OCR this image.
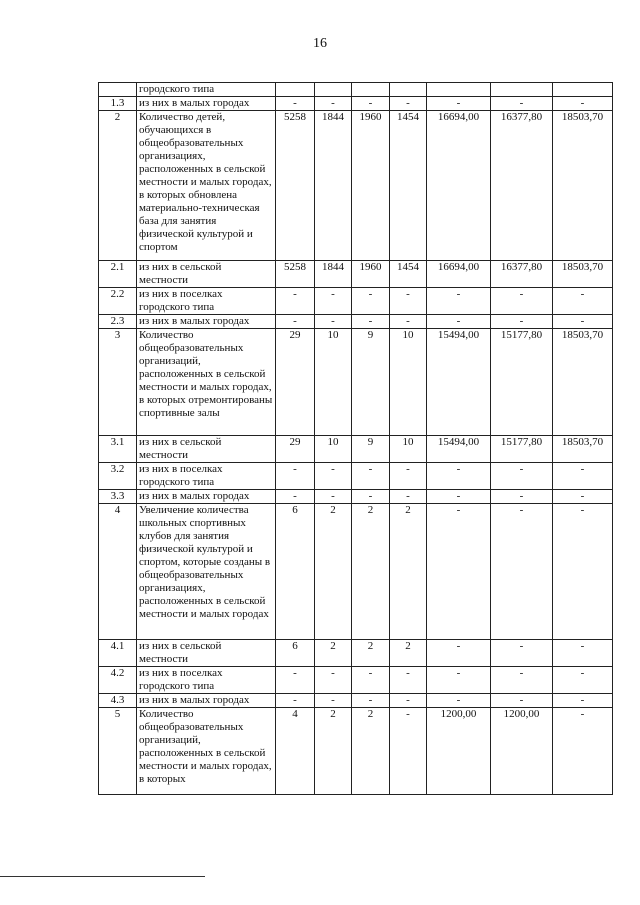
16
	городского типа							
1.3	из них в малых городах	-	-	-	-	-	-	-
2	Количество детей, обучающихся в общеобразовательных организациях, расположенных в сельской местности и малых городах, в которых обновлена материально-техническая база для занятия физической культурой и спортом	5258	1844	1960	1454	16694,00	16377,80	18503,70
2.1	из них в сельской местности	5258	1844	1960	1454	16694,00	16377,80	18503,70
2.2	из них в поселках городского типа	-	-	-	-	-	-	-
2.3	из них в малых городах	-	-	-	-	-	-	-
3	Количество общеобразовательных организаций, расположенных в сельской местности и малых городах, в которых отремонтированы спортивные залы	29	10	9	10	15494,00	15177,80	18503,70
3.1	из них в сельской местности	29	10	9	10	15494,00	15177,80	18503,70
3.2	из них в поселках городского типа	-	-	-	-	-	-	-
3.3	из них в малых городах	-	-	-	-	-	-	-
4	Увеличение количества школьных спортивных клубов для занятия физической культурой и спортом, которые созданы в общеобразовательных организациях, расположенных в сельской местности и малых городах	6	2	2	2	-	-	-
4.1	из них в сельской местности	6	2	2	2	-	-	-
4.2	из них в поселках городского типа	-	-	-	-	-	-	-
4.3	из них в малых городах	-	-	-	-	-	-	-
5	Количество общеобразовательных организаций, расположенных в сельской местности и малых городах, в которых	4	2	2	-	1200,00	1200,00	-
